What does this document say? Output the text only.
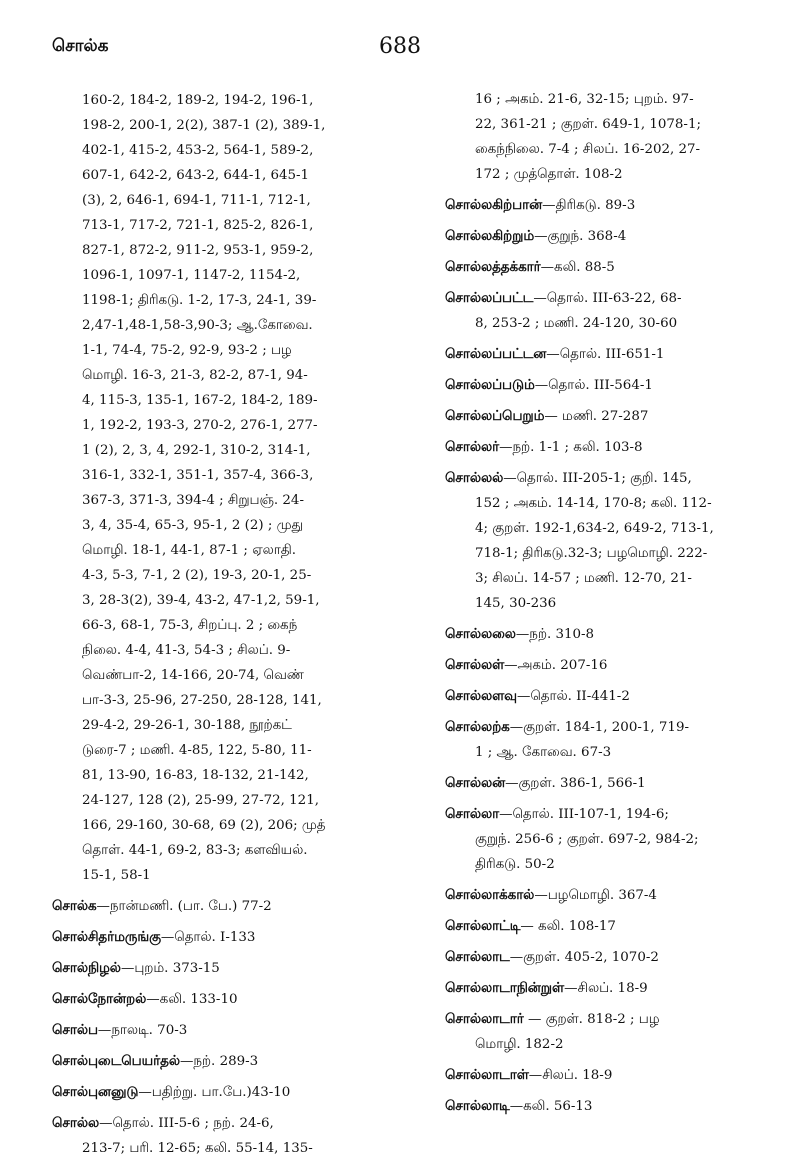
சொல்க	688
160-2, 184-2, 189-2, 194-2, 196-1,
198-2, 200-1, 2(2), 387-1 (2), 389-1,
402-1, 415-2, 453-2, 564-1, 589-2,
607-1, 642-2, 643-2, 644-1, 645-1
(3), 2, 646-1, 694-1, 711-1, 712-1,
713-1, 717-2, 721-1, 825-2, 826-1,
827-1, 872-2, 911-2, 953-1, 959-2,
1096-1, 1097-1, 1147-2, 1154-2,
1198-1; திரிகடு. 1-2, 17-3, 24-1, 39-
2,47-1,48-1,58-3,90-3; ஆ.கோவை.
1-1, 74-4, 75-2, 92-9, 93-2 ; பழ
மொழி. 16-3, 21-3, 82-2, 87-1, 94-
4, 115-3, 135-1, 167-2, 184-2, 189-
1, 192-2, 193-3, 270-2, 276-1, 277-
1 (2), 2, 3, 4, 292-1, 310-2, 314-1,
316-1, 332-1, 351-1, 357-4, 366-3,
367-3, 371-3, 394-4 ; சிறுபஞ். 24-
3, 4, 35-4, 65-3, 95-1, 2 (2) ; முது
மொழி. 18-1, 44-1, 87-1 ; ஏலாதி.
4-3, 5-3, 7-1, 2 (2), 19-3, 20-1, 25-
3, 28-3(2), 39-4, 43-2, 47-1,2, 59-1,
66-3, 68-1, 75-3, சிறப்பு. 2 ; கைந்
நிலை. 4-4, 41-3, 54-3 ; சிலப். 9-
வெண்பா-2, 14-166, 20-74, வெண்
பா-3-3, 25-96, 27-250, 28-128, 141,
29-4-2, 29-26-1, 30-188, நூற்கட்
டுரை-7 ; மணி. 4-85, 122, 5-80, 11-
81, 13-90, 16-83, 18-132, 21-142,
24-127, 128 (2), 25-99, 27-72, 121,
166, 29-160, 30-68, 69 (2), 206; முத்
தொள். 44-1, 69-2, 83-3; களவியல்.
15-1, 58-1
சொல்க—நான்மணி. (பா. பே.) 77-2
சொல்சிதர்மருங்கு—தொல். I-133
சொல்நிழல்—புறம். 373-15
சொல்நோன்றல்—கலி. 133-10
சொல்ப—நாலடி. 70-3
சொல்புடைபெயர்தல்—நற். 289-3
சொல்புனனுடு—பதிற்று. பா.பே.)43-10
சொல்ல—தொல். III-5-6 ; நற். 24-6,
213-7; பரி. 12-65; கலி. 55-14, 135-
16 ; அகம். 21-6, 32-15; புறம். 97-
22, 361-21 ; குறள். 649-1, 1078-1;
கைந்நிலை. 7-4 ; சிலப். 16-202, 27-
172 ; முத்தொள். 108-2
சொல்லகிற்பான்—திரிகடு. 89-3
சொல்லகிற்றும்—குறுந். 368-4
சொல்லத்தக்கார்—கலி. 88-5
சொல்லப்பட்ட—தொல். III-63-22, 68-
8, 253-2 ; மணி. 24-120, 30-60
சொல்லப்பட்டன—தொல். III-651-1
சொல்லப்படும்—தொல். III-564-1
சொல்லப்பெறும்— மணி. 27-287
சொல்லர்—நற். 1-1 ; கலி. 103-8
சொல்லல்—தொல். III-205-1; குறி. 145,
152 ; அகம். 14-14, 170-8; கலி. 112-
4; குறள். 192-1,634-2, 649-2, 713-1,
718-1; திரிகடு.32-3; பழமொழி. 222-
3; சிலப். 14-57 ; மணி. 12-70, 21-
145, 30-236
சொல்லலை—நற். 310-8
சொல்லள்—அகம். 207-16
சொல்லளவு—தொல். II-441-2
சொல்லற்க—குறள். 184-1, 200-1, 719-
1 ; ஆ. கோவை. 67-3
சொல்லன்—குறள். 386-1, 566-1
சொல்லா—தொல். III-107-1, 194-6;
குறுந். 256-6 ; குறள். 697-2, 984-2;
திரிகடு. 50-2
சொல்லாக்கால்—பழமொழி. 367-4
சொல்லாட்டி— கலி. 108-17
சொல்லாட—குறள். 405-2, 1070-2
சொல்லாடாநின்றுள்—சிலப். 18-9
சொல்லாடார் — குறள். 818-2 ; பழ
மொழி. 182-2
சொல்லாடாள்—சிலப். 18-9
சொல்லாடி—கலி. 56-13
